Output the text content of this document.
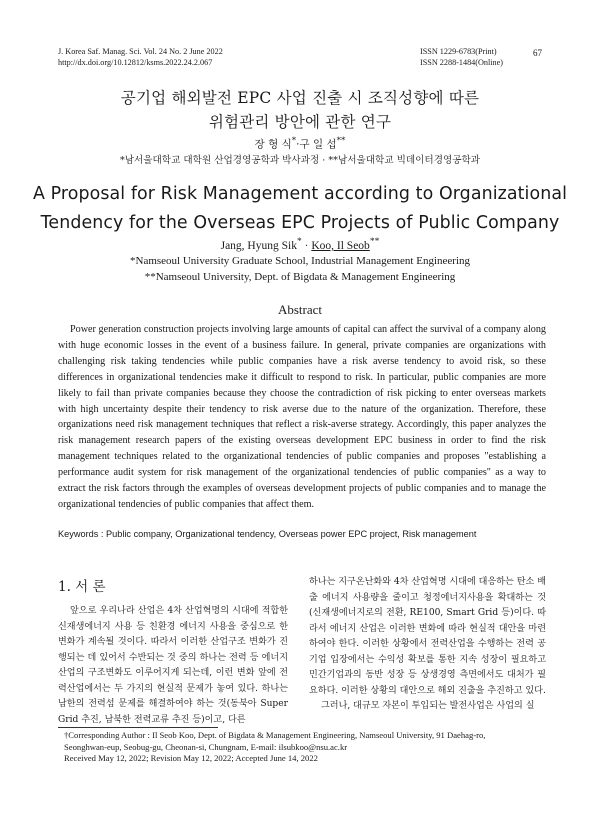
J. Korea Saf. Manag. Sci. Vol. 24 No. 2 June 2022
http://dx.doi.org/10.12812/ksms.2022.24.2.067
ISSN 1229-6783(Print)
ISSN 2288-1484(Online)
67
공기업 해외발전 EPC 사업 진출 시 조직성향에 따른
위험관리 방안에 관한 연구
장 형 식*·구 일 섭**
*남서울대학교 대학원 산업경영공학과 박사과정 · **남서울대학교 빅데이터경영공학과
A Proposal for Risk Management according to Organizational
Tendency for the Overseas EPC Projects of Public Company
Jang, Hyung Sik* · Koo, Il Seob**
*Namseoul University Graduate School, Industrial Management Engineering
**Namseoul University, Dept. of Bigdata & Management Engineering
Abstract

Power generation construction projects involving large amounts of capital can affect the survival of a company along with huge economic losses in the event of a business failure. In general, private companies are organizations with challenging risk taking tendencies while public companies have a risk averse tendency to avoid risk, so these differences in organizational tendencies make it difficult to respond to risk. In particular, public companies are more likely to fail than private companies because they choose the contradiction of risk picking to enter overseas markets with high uncertainty despite their tendency to risk averse due to the nature of the organization. Therefore, these organizations need risk management techniques that reflect a risk-averse strategy. Accordingly, this paper analyzes the risk management research papers of the existing overseas development EPC business in order to find the risk management techniques related to the organizational tendencies of public companies and proposes "establishing a performance audit system for risk management of the organizational tendencies of public companies" as a way to extract the risk factors through the examples of overseas development projects of public companies and to manage the organizational tendencies of public companies that affect them.

Keywords : Public company, Organizational tendency, Overseas power EPC project, Risk management
1. 서 론

앞으로 우리나라 산업은 4차 산업혁명의 시대에 적합한 신재생에너지 사용 등 친환경 에너지 사용을 중심으로 한 변화가 계속될 것이다. 따라서 이러한 산업구조 변화가 진행되는 데 있어서 수반되는 것 중의 하나는 전력 등 에너지 산업의 구조변화도 이루어지게 되는데, 이런 변화 앞에 전력산업에서는 두 가지의 현실적 문제가 놓여 있다. 하나는 남한의 전력섬 문제를 해결하여야 하는 것(동북아 Super Grid 추진, 남북한 전력교류 추진 등)이고, 다른

하나는 지구온난화와 4차 산업혁명 시대에 대응하는 탄소 배출 에너지 사용량을 줄이고 청정에너지사용을 확대하는 것(신재생에너지로의 전환, RE100, Smart Grid 등)이다. 따라서 에너지 산업은 이러한 변화에 따라 현실적 대안을 마련하여야 한다. 이러한 상황에서 전력산업을 수행하는 전력 공기업 입장에서는 수익성 확보를 통한 지속 성장이 필요하고 민간기업과의 동반 성장 등 상생경영 측면에서도 대처가 필요하다. 이러한 상황의 대안으로 해외 진출을 추진하고 있다.

그러나, 대규모 자본이 투입되는 발전사업은 사업의 실

†Corresponding Author : Il Seob Koo, Dept. of Bigdata & Management Engineering, Namseoul University, 91 Daehag-ro,
Seonghwan-eup, Seobug-gu, Cheonan-si, Chungnam, E-mail: ilsubkoo@nsu.ac.kr
Received May 12, 2022; Revision May 12, 2022; Accepted June 14, 2022
